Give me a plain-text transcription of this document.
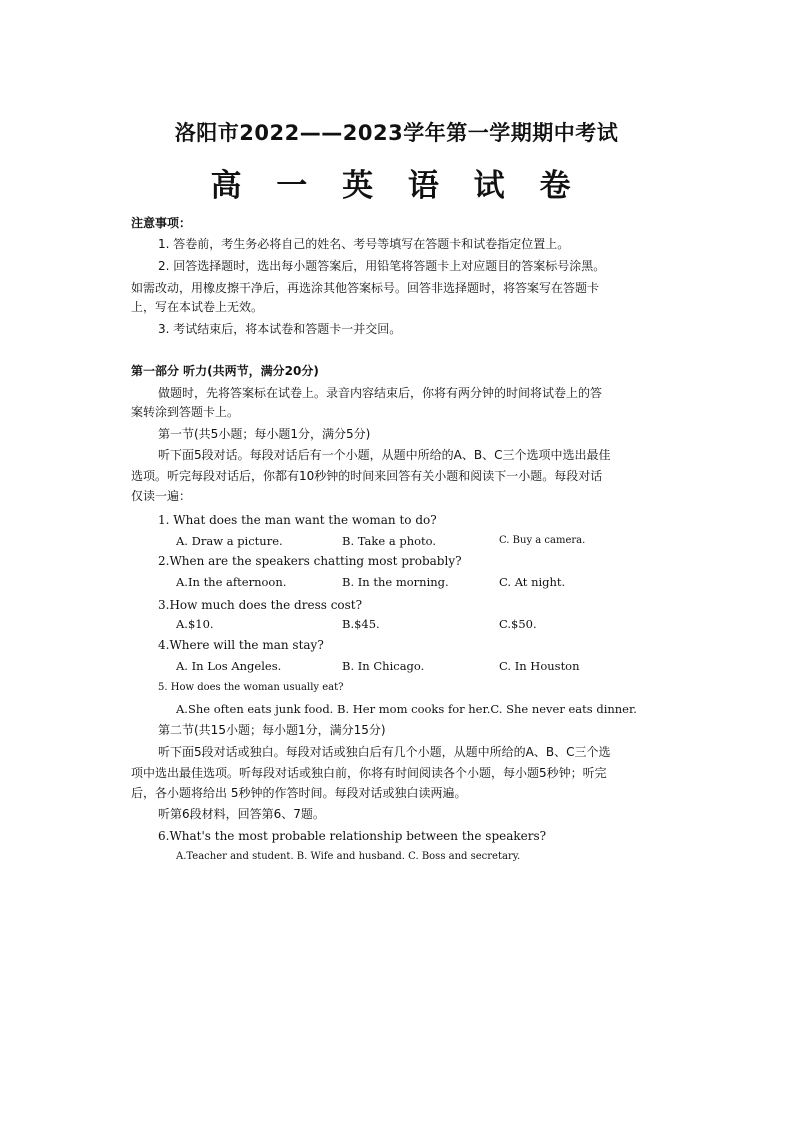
洛阳市2022——2023学年第一学期期中考试
高 一 英 语 试 卷
注意事项：
1. 答卷前，考生务必将自己的姓名、考号等填写在答题卡和试卷指定位置上。
2. 回答选择题时，选出每小题答案后，用铅笔将答题卡上对应题目的答案标号涂黑。
如需改动，用橡皮擦干净后，再选涂其他答案标号。回答非选择题时，将答案写在答题卡
上，写在本试卷上无效。
3. 考试结束后，将本试卷和答题卡一并交回。
第一部分 听力(共两节，满分20分)
做题时，先将答案标在试卷上。录音内容结束后，你将有两分钟的时间将试卷上的答
案转涂到答题卡上。
第一节(共5小题；每小题1分，满分5分)
听下面5段对话。每段对话后有一个小题，从题中所给的A、B、C三个选项中选出最佳
选项。听完每段对话后，你都有10秒钟的时间来回答有关小题和阅读下一小题。每段对话
仅读一遍：
1. What does the man want the woman to do?
A. Draw a picture.	B. Take a photo.	C. Buy a camera.
2.When are the speakers chatting most probably?
A.In the afternoon.	B. In the morning.	C. At night.
3.How much does the dress cost?
A.$10.	B.$45.	C.$50.
4.Where will the man stay?
A. In Los Angeles.	B. In Chicago.	C. In Houston
5. How does the woman usually eat?
A.She often eats junk food. B. Her mom cooks for her.C. She never eats dinner.
第二节(共15小题；每小题1分，满分15分)
听下面5段对话或独白。每段对话或独白后有几个小题，从题中所给的A、B、C三个选
项中选出最佳选项。听每段对话或独白前，你将有时间阅读各个小题，每小题5秒钟；听完
后，各小题将给出 5秒钟的作答时间。每段对话或独白读两遍。
听第6段材料，回答第6、7题。
6.What's the most probable relationship between the speakers?
A.Teacher and student. B. Wife and husband. C. Boss and secretary.
